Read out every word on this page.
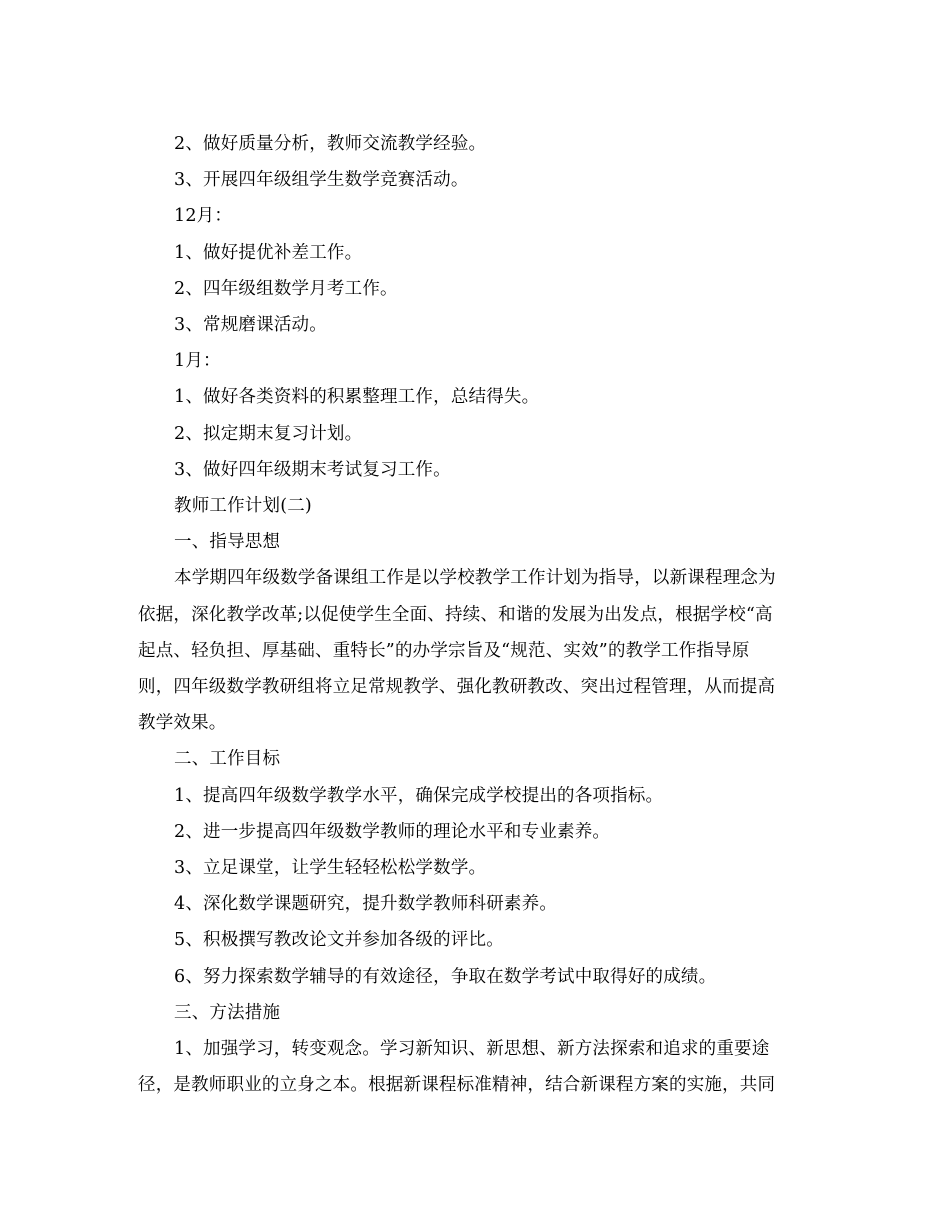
2、做好质量分析，教师交流教学经验。

3、开展四年级组学生数学竞赛活动。

12月：

1、做好提优补差工作。

2、四年级组数学月考工作。

3、常规磨课活动。

1月：

1、做好各类资料的积累整理工作，总结得失。

2、拟定期末复习计划。

3、做好四年级期末考试复习工作。

教师工作计划(二)

一、指导思想

本学期四年级数学备课组工作是以学校教学工作计划为指导，以新课程理念为
依据，深化教学改革;以促使学生全面、持续、和谐的发展为出发点，根据学校“高
起点、轻负担、厚基础、重特长”的办学宗旨及“规范、实效”的教学工作指导原
则，四年级数学教研组将立足常规教学、强化教研教改、突出过程管理，从而提高
教学效果。

二、工作目标

1、提高四年级数学教学水平，确保完成学校提出的各项指标。

2、进一步提高四年级数学教师的理论水平和专业素养。

3、立足课堂，让学生轻轻松松学数学。

4、深化数学课题研究，提升数学教师科研素养。

5、积极撰写教改论文并参加各级的评比。

6、努力探索数学辅导的有效途径，争取在数学考试中取得好的成绩。

三、方法措施

1、加强学习，转变观念。学习新知识、新思想、新方法探索和追求的重要途
径，是教师职业的立身之本。根据新课程标准精神，结合新课程方案的实施，共同
